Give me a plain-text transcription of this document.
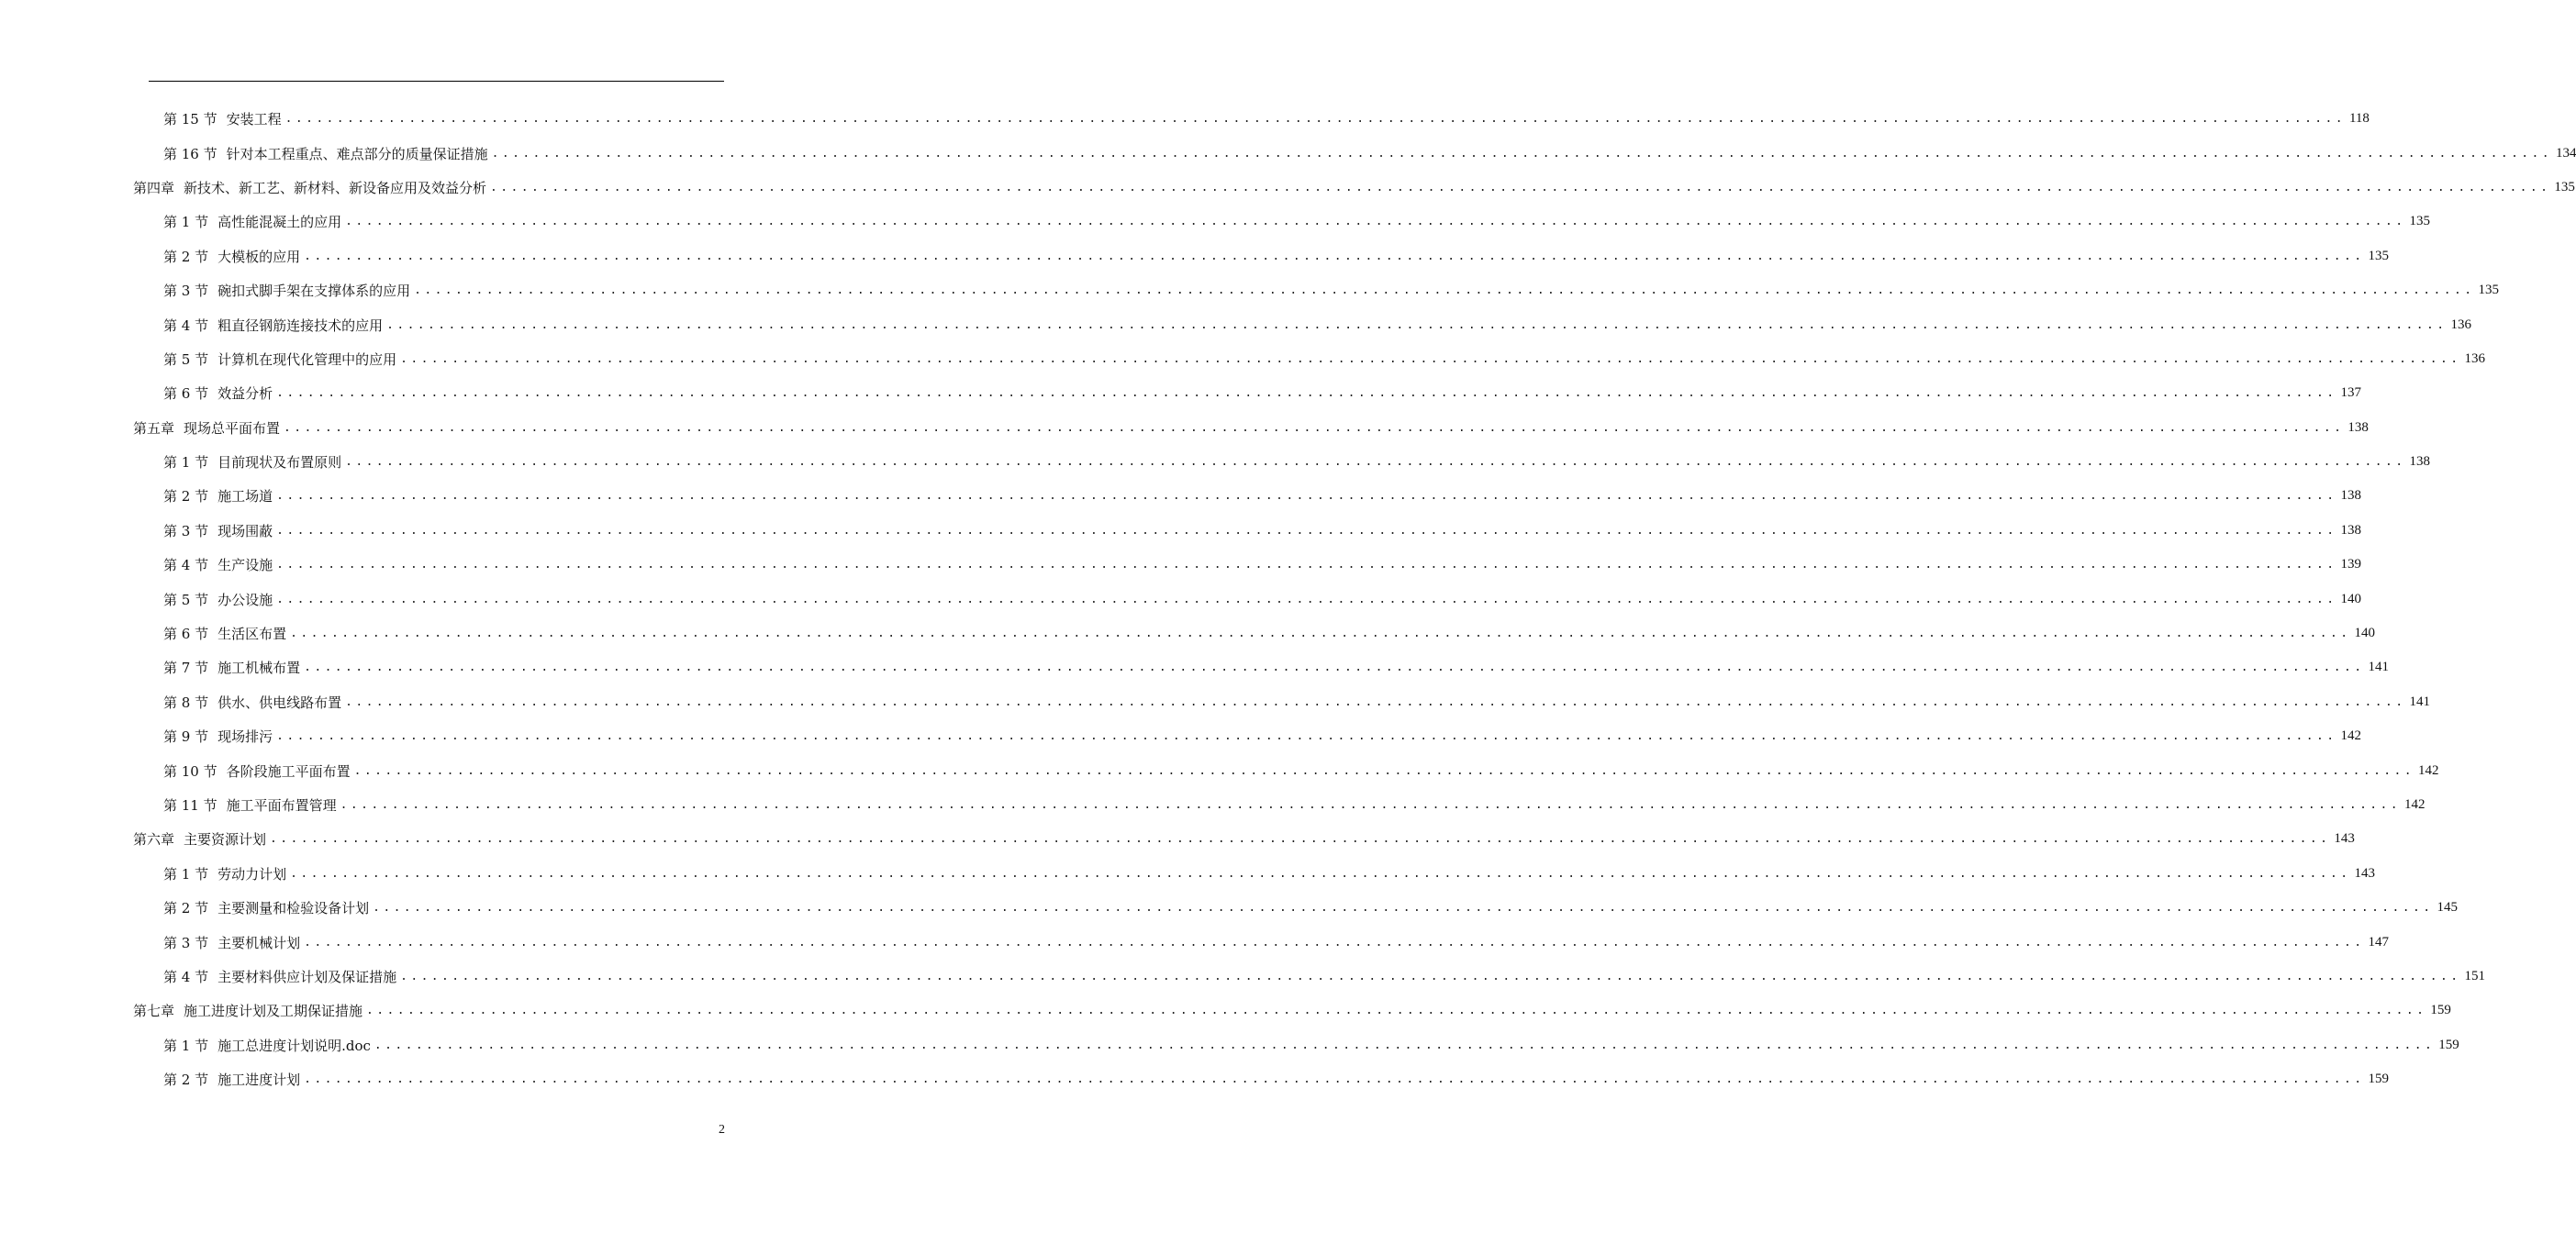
第 15 节 安装工程 ........................................................................................................................................................................................................ 118
第 16 节 针对本工程重点、难点部分的质量保证措施 ........................................................................................................................................................................................................ 134
第四章 新技术、新工艺、新材料、新设备应用及效益分析 ........................................................................................................................................................................................................ 135
第 1 节 高性能混凝土的应用 ........................................................................................................................................................................................................ 135
第 2 节 大模板的应用 ........................................................................................................................................................................................................ 135
第 3 节 碗扣式脚手架在支撑体系的应用 ........................................................................................................................................................................................................ 135
第 4 节 粗直径钢筋连接技术的应用 ........................................................................................................................................................................................................ 136
第 5 节 计算机在现代化管理中的应用 ........................................................................................................................................................................................................ 136
第 6 节 效益分析 ........................................................................................................................................................................................................ 137
第五章 现场总平面布置 ........................................................................................................................................................................................................ 138
第 1 节 目前现状及布置原则 ........................................................................................................................................................................................................ 138
第 2 节 施工场道 ........................................................................................................................................................................................................ 138
第 3 节 现场围蔽 ........................................................................................................................................................................................................ 138
第 4 节 生产设施 ........................................................................................................................................................................................................ 139
第 5 节 办公设施 ........................................................................................................................................................................................................ 140
第 6 节 生活区布置 ........................................................................................................................................................................................................ 140
第 7 节 施工机械布置 ........................................................................................................................................................................................................ 141
第 8 节 供水、供电线路布置 ........................................................................................................................................................................................................ 141
第 9 节 现场排污 ........................................................................................................................................................................................................ 142
第 10 节 各阶段施工平面布置 ........................................................................................................................................................................................................ 142
第 11 节 施工平面布置管理 ........................................................................................................................................................................................................ 142
第六章 主要资源计划 ........................................................................................................................................................................................................ 143
第 1 节 劳动力计划 ........................................................................................................................................................................................................ 143
第 2 节 主要测量和检验设备计划 ........................................................................................................................................................................................................ 145
第 3 节 主要机械计划 ........................................................................................................................................................................................................ 147
第 4 节 主要材料供应计划及保证措施 ........................................................................................................................................................................................................ 151
第七章 施工进度计划及工期保证措施 ........................................................................................................................................................................................................ 159
第 1 节 施工总进度计划说明.doc ........................................................................................................................................................................................................ 159
第 2 节 施工进度计划 ........................................................................................................................................................................................................ 159
2
